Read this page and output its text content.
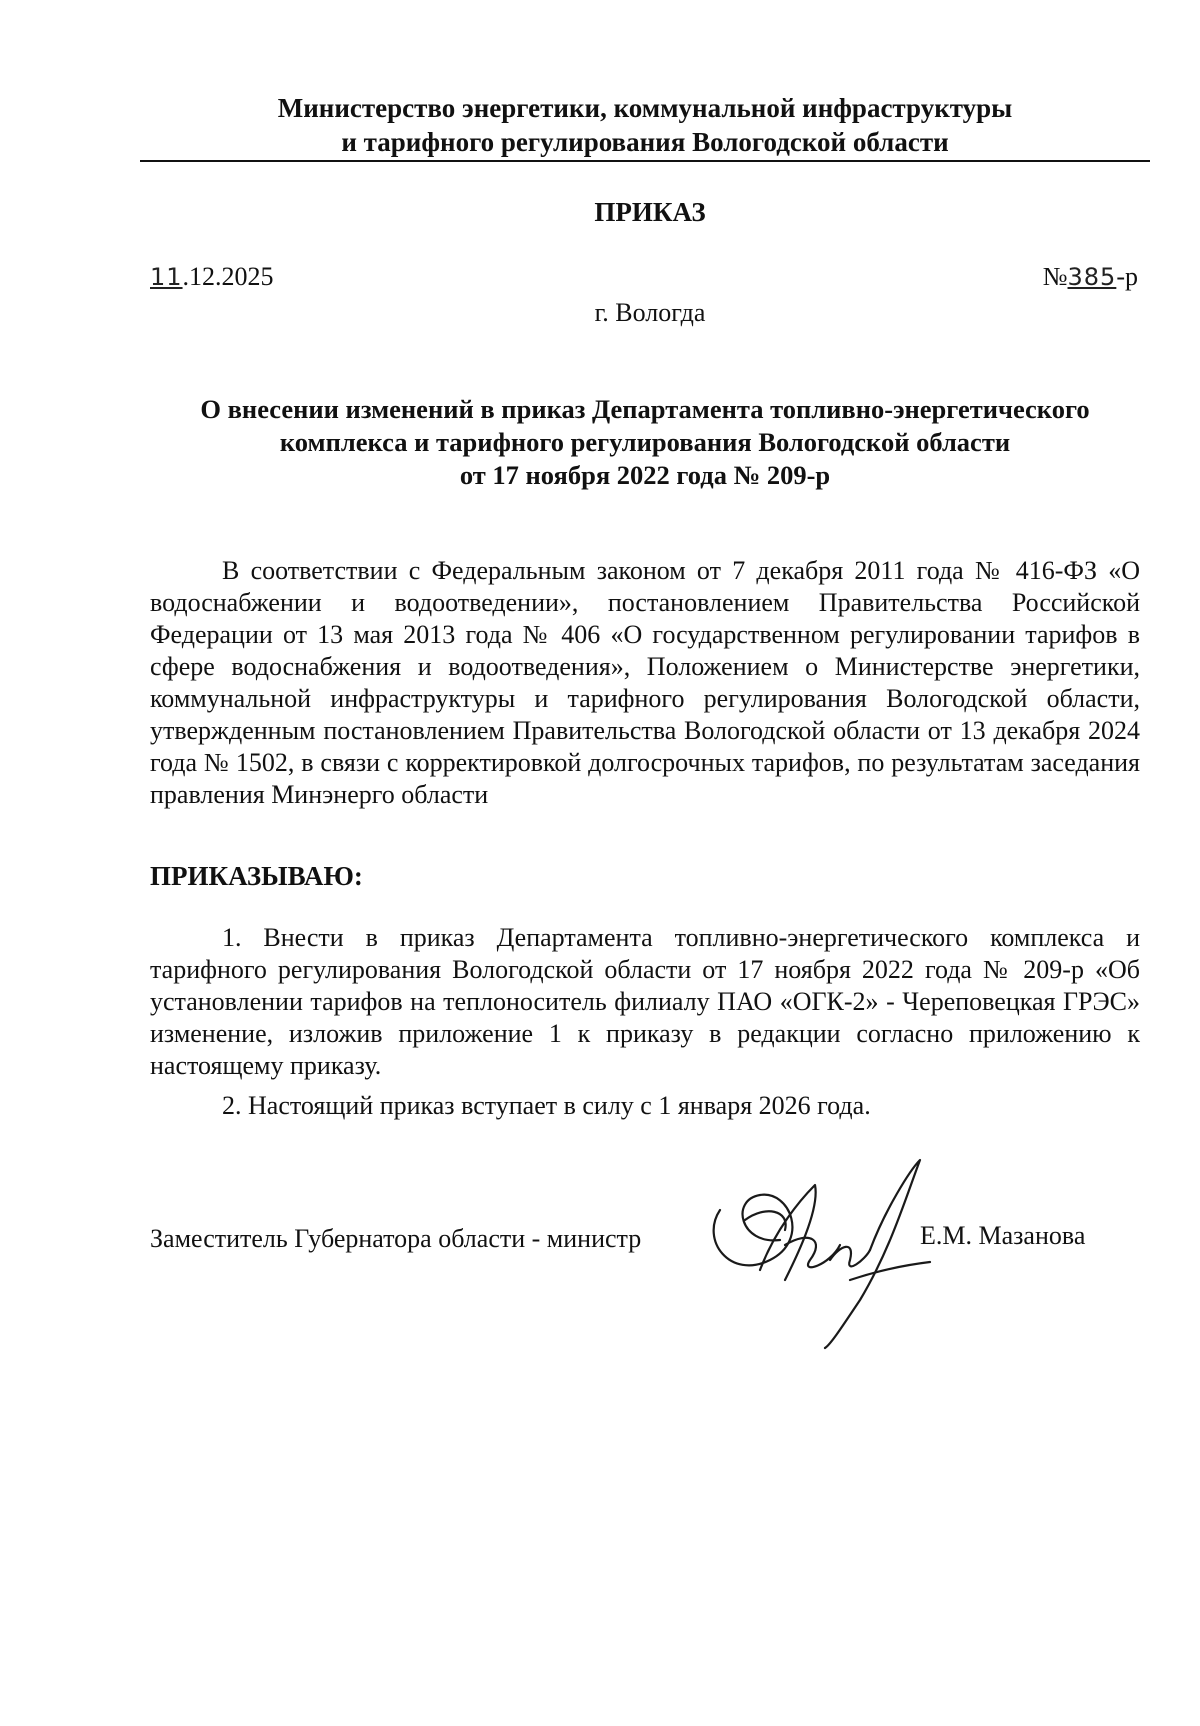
Министерство энергетики, коммунальной инфраструктуры
и тарифного регулирования Вологодской области
ПРИКАЗ
11.12.2025	№385-р
г. Вологда
О внесении изменений в приказ Департамента топливно-энергетического
комплекса и тарифного регулирования Вологодской области
от 17 ноября 2022 года № 209-р
В соответствии с Федеральным законом от 7 декабря 2011 года № 416-ФЗ «О водоснабжении и водоотведении», постановлением Правительства Российской Федерации от 13 мая 2013 года № 406 «О государственном регулировании тарифов в сфере водоснабжения и водоотведения», Положением о Министерстве энергетики, коммунальной инфраструктуры и тарифного регулирования Вологодской области, утвержденным постановлением Правительства Вологодской области от 13 декабря 2024 года № 1502, в связи с корректировкой долгосрочных тарифов, по результатам заседания правления Минэнерго области
ПРИКАЗЫВАЮ:
1. Внести в приказ Департамента топливно-энергетического комплекса и тарифного регулирования Вологодской области от 17 ноября 2022 года № 209-р «Об установлении тарифов на теплоноситель филиалу ПАО «ОГК-2» - Череповецкая ГРЭС» изменение, изложив приложение 1 к приказу в редакции согласно приложению к настоящему приказу.
2. Настоящий приказ вступает в силу с 1 января 2026 года.
Заместитель Губернатора области - министр	Е.М. Мазанова
